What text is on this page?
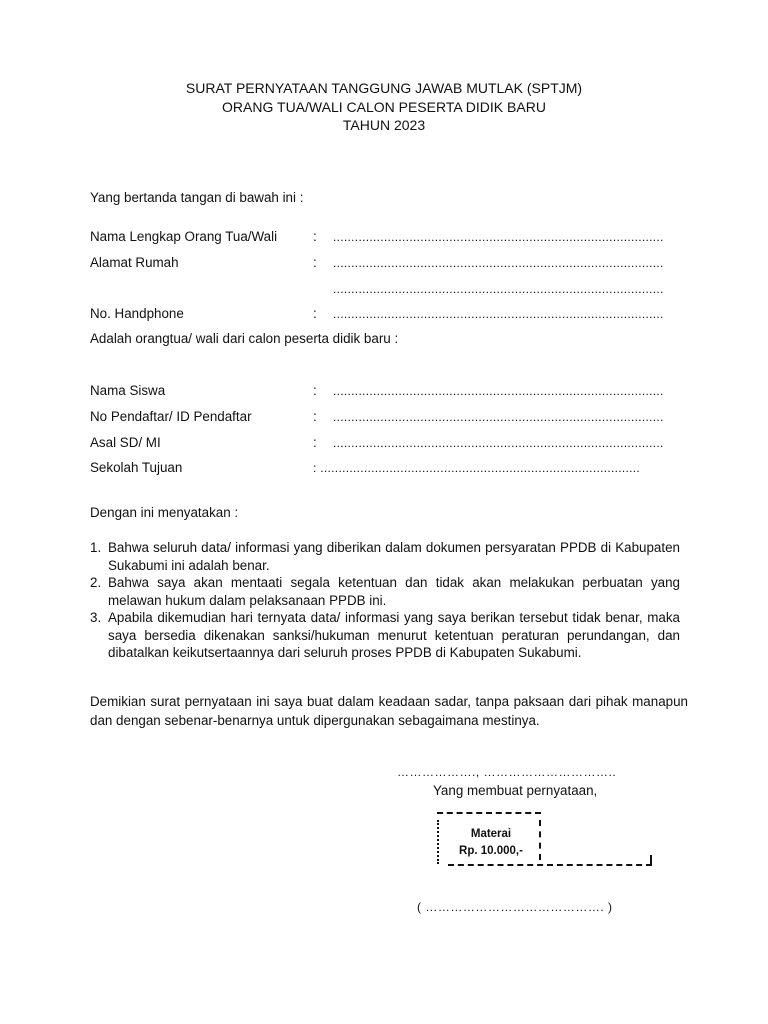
SURAT PERNYATAAN TANGGUNG JAWAB MUTLAK (SPTJM)
ORANG TUA/WALI CALON PESERTA DIDIK BARU
TAHUN 2023
Yang bertanda tangan di bawah ini :
Nama Lengkap Orang Tua/Wali	: ...........................................................................................
Alamat Rumah	: ...........................................................................................
...........................................................................................
No. Handphone	: ...........................................................................................
Adalah orangtua/ wali dari calon peserta didik baru :
Nama Siswa	: ...........................................................................................
No Pendaftar/ ID Pendaftar	: ...........................................................................................
Asal SD/ MI	: ...........................................................................................
Sekolah Tujuan	: ........................................................................................
Dengan ini menyatakan :
1. Bahwa seluruh data/ informasi yang diberikan dalam dokumen persyaratan PPDB di Kabupaten Sukabumi ini adalah benar.
2. Bahwa saya akan mentaati segala ketentuan dan tidak akan melakukan perbuatan yang melawan hukum dalam pelaksanaan PPDB ini.
3. Apabila dikemudian hari ternyata data/ informasi yang saya berikan tersebut tidak benar, maka saya bersedia dikenakan sanksi/hukuman menurut ketentuan peraturan perundangan, dan dibatalkan keikutsertaannya dari seluruh proses PPDB di Kabupaten Sukabumi.
Demikian surat pernyataan ini saya buat dalam keadaan sadar, tanpa paksaan dari pihak manapun dan dengan sebenar-benarnya untuk dipergunakan sebagaimana mestinya.
………………., …………………………..
Yang membuat pernyataan,
Materai
Rp. 10.000,-
( ……………………………………. )
